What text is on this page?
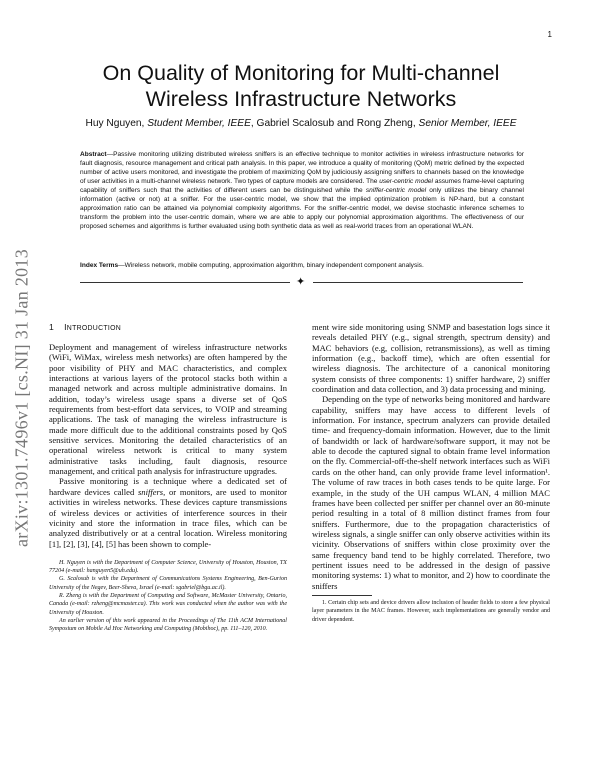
1
arXiv:1301.7496v1 [cs.NI] 31 Jan 2013
On Quality of Monitoring for Multi-channel
Wireless Infrastructure Networks
Huy Nguyen, Student Member, IEEE, Gabriel Scalosub and Rong Zheng, Senior Member, IEEE
Abstract—Passive monitoring utilizing distributed wireless sniffers is an effective technique to monitor activities in wireless infrastructure networks for fault diagnosis, resource management and critical path analysis. In this paper, we introduce a quality of monitoring (QoM) metric defined by the expected number of active users monitored, and investigate the problem of maximizing QoM by judiciously assigning sniffers to channels based on the knowledge of user activities in a multi-channel wireless network. Two types of capture models are considered. The user-centric model assumes frame-level capturing capability of sniffers such that the activities of different users can be distinguished while the sniffer-centric model only utilizes the binary channel information (active or not) at a sniffer. For the user-centric model, we show that the implied optimization problem is NP-hard, but a constant approximation ratio can be attained via polynomial complexity algorithms. For the sniffer-centric model, we devise stochastic inference schemes to transform the problem into the user-centric domain, where we are able to apply our polynomial approximation algorithms. The effectiveness of our proposed schemes and algorithms is further evaluated using both synthetic data as well as real-world traces from an operational WLAN.
Index Terms—Wireless network, mobile computing, approximation algorithm, binary independent component analysis.
✦
1 INTRODUCTION

Deployment and management of wireless infrastructure networks (WiFi, WiMax, wireless mesh networks) are often hampered by the poor visibility of PHY and MAC characteristics, and complex interactions at various layers of the protocol stacks both within a managed network and across multiple administrative domains. In addition, today’s wireless usage spans a diverse set of QoS requirements from best-effort data services, to VOIP and streaming applications. The task of managing the wireless infrastructure is made more difficult due to the additional constraints posed by QoS sensitive services. Monitoring the detailed characteristics of an operational wireless network is critical to many system administrative tasks including, fault diagnosis, resource management, and critical path analysis for infrastructure upgrades.

Passive monitoring is a technique where a dedicated set of hardware devices called sniffers, or monitors, are used to monitor activities in wireless networks. These devices capture transmissions of wireless devices or activities of interference sources in their vicinity and store the information in trace files, which can be analyzed distributively or at a central location. Wireless monitoring [1], [2], [3], [4], [5] has been shown to comple-

H. Nguyen is with the Department of Computer Science, University of Houston, Houston, TX 77204 (e-mail: hanguyen5@uh.edu).

G. Scalosub is with the Department of Communications Systems Engineering, Ben-Gurion University of the Negev, Beer-Sheva, Israel (e-mail: sgabriel@bgu.ac.il).

R. Zheng is with the Department of Computing and Software, McMaster University, Ontario, Canada (e-mail: rzheng@mcmaster.ca). This work was conducted when the author was with the University of Houston.

An earlier version of this work appeared in the Proceedings of The 11th ACM International Symposium on Mobile Ad Hoc Networking and Computing (Mobihoc), pp. 111–120, 2010.

ment wire side monitoring using SNMP and basestation logs since it reveals detailed PHY (e.g., signal strength, spectrum density) and MAC behaviors (e.g, collision, retransmissions), as well as timing information (e.g., backoff time), which are often essential for wireless diagnosis. The architecture of a canonical monitoring system consists of three components: 1) sniffer hardware, 2) sniffer coordination and data collection, and 3) data processing and mining.

Depending on the type of networks being monitored and hardware capability, sniffers may have access to different levels of information. For instance, spectrum analyzers can provide detailed time- and frequency-domain information. However, due to the limit of bandwidth or lack of hardware/software support, it may not be able to decode the captured signal to obtain frame level information on the fly. Commercial-off-the-shelf network interfaces such as WiFi cards on the other hand, can only provide frame level information¹. The volume of raw traces in both cases tends to be quite large. For example, in the study of the UH campus WLAN, 4 million MAC frames have been collected per sniffer per channel over an 80-minute period resulting in a total of 8 million distinct frames from four sniffers. Furthermore, due to the propagation characteristics of wireless signals, a single sniffer can only observe activities within its vicinity. Observations of sniffers within close proximity over the same frequency band tend to be highly correlated. Therefore, two pertinent issues need to be addressed in the design of passive monitoring systems: 1) what to monitor, and 2) how to coordinate the sniffers

1. Certain chip sets and device drivers allow inclusion of header fields to store a few physical layer parameters in the MAC frames. However, such implementations are generally vendor and driver dependent.
